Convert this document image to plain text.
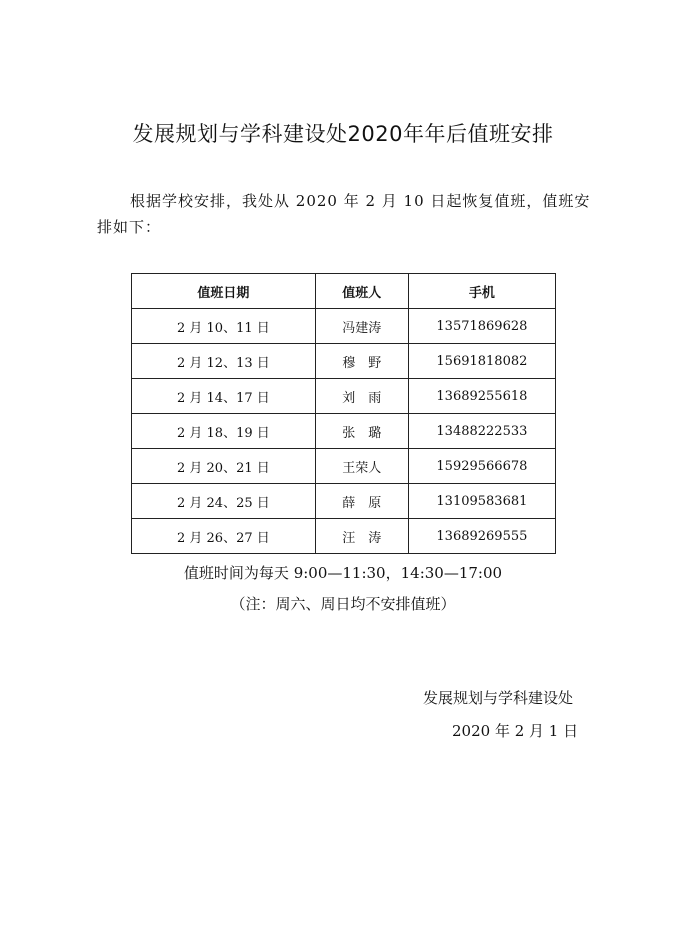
发展规划与学科建设处2020年年后值班安排

根据学校安排，我处从 2020 年 2 月 10 日起恢复值班，值班安排如下：

值班日期	值班人	手机
2 月 10、11 日	冯建涛	13571869628
2 月 12、13 日	穆　野	15691818082
2 月 14、17 日	刘　雨	13689255618
2 月 18、19 日	张　璐	13488222533
2 月 20、21 日	王荣人	15929566678
2 月 24、25 日	薛　原	13109583681
2 月 26、27 日	汪　涛	13689269555

值班时间为每天 9:00—11:30，14:30—17:00

（注：周六、周日均不安排值班）

发展规划与学科建设处

2020 年 2 月 1 日
